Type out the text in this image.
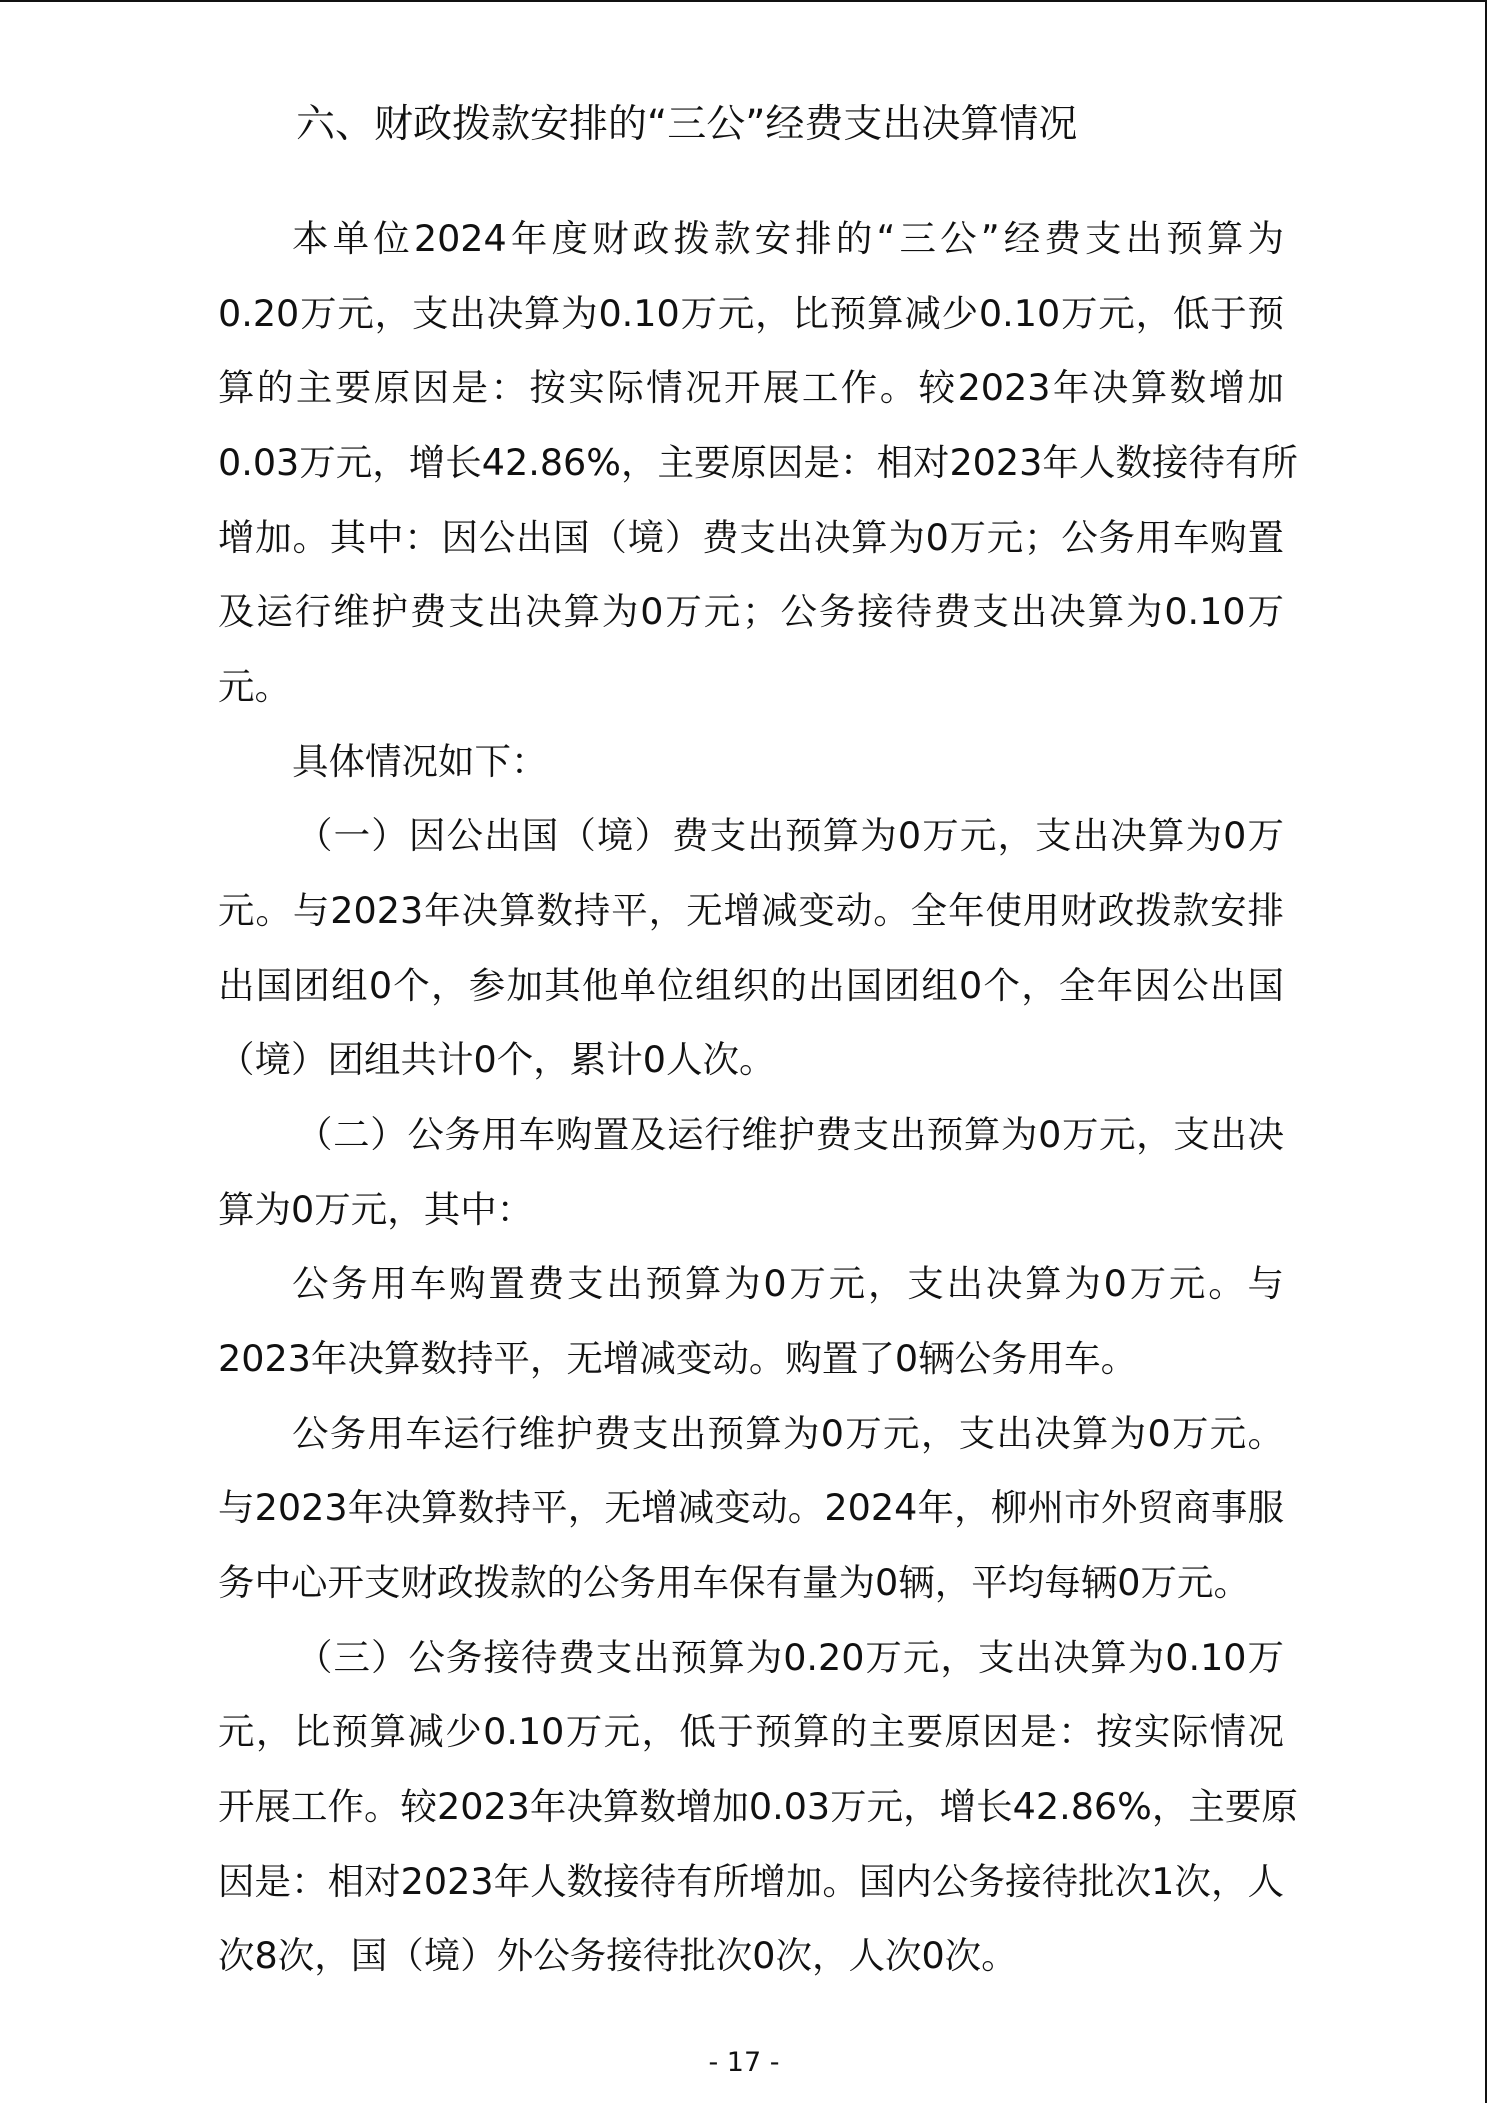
六、财政拨款安排的“三公”经费支出决算情况
本单位2024年度财政拨款安排的“三公”经费支出预算为
0.20万元，支出决算为0.10万元，比预算减少0.10万元，低于预
算的主要原因是：按实际情况开展工作。较2023年决算数增加
0.03万元，增长42.86%，主要原因是：相对2023年人数接待有所
增加。其中：因公出国（境）费支出决算为0万元；公务用车购置
及运行维护费支出决算为0万元；公务接待费支出决算为0.10万
元。
具体情况如下：
（一）因公出国（境）费支出预算为0万元，支出决算为0万
元。与2023年决算数持平，无增减变动。全年使用财政拨款安排
出国团组0个，参加其他单位组织的出国团组0个，全年因公出国
（境）团组共计0个，累计0人次。
（二）公务用车购置及运行维护费支出预算为0万元，支出决
算为0万元，其中：
公务用车购置费支出预算为0万元，支出决算为0万元。与
2023年决算数持平，无增减变动。购置了0辆公务用车。
公务用车运行维护费支出预算为0万元，支出决算为0万元。
与2023年决算数持平，无增减变动。2024年，柳州市外贸商事服
务中心开支财政拨款的公务用车保有量为0辆，平均每辆0万元。
（三）公务接待费支出预算为0.20万元，支出决算为0.10万
元，比预算减少0.10万元，低于预算的主要原因是：按实际情况
开展工作。较2023年决算数增加0.03万元，增长42.86%，主要原
因是：相对2023年人数接待有所增加。国内公务接待批次1次，人
次8次，国（境）外公务接待批次0次，人次0次。
- 17 -
